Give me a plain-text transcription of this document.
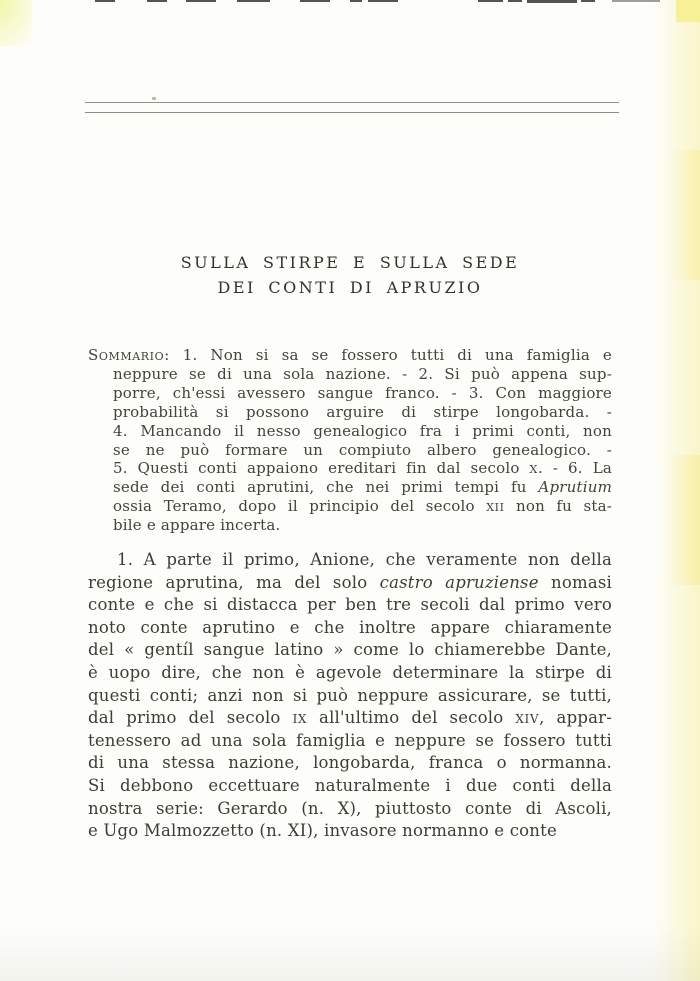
SULLA STIRPE E SULLA SEDE
DEI CONTI DI APRUZIO
Sommario: 1. Non si sa se fossero tutti di una famiglia e
neppure se di una sola nazione. - 2. Si può appena sup-
porre, ch'essi avessero sangue franco. - 3. Con maggiore
probabilità si possono arguire di stirpe longobarda. -
4. Mancando il nesso genealogico fra i primi conti, non
se ne può formare un compiuto albero genealogico. -
5. Questi conti appaiono ereditari fin dal secolo x. - 6. La
sede dei conti aprutini, che nei primi tempi fu Aprutium
ossia Teramo, dopo il principio del secolo xii non fu sta-
bile e appare incerta.
1. A parte il primo, Anione, che veramente non della
regione aprutina, ma del solo castro apruziense nomasi
conte e che si distacca per ben tre secoli dal primo vero
noto conte aprutino e che inoltre appare chiaramente
del « gentíl sangue latino » come lo chiamerebbe Dante,
è uopo dire, che non è agevole determinare la stirpe di
questi conti; anzi non si può neppure assicurare, se tutti,
dal primo del secolo ix all'ultimo del secolo xiv, appar-
tenessero ad una sola famiglia e neppure se fossero tutti
di una stessa nazione, longobarda, franca o normanna.
Si debbono eccettuare naturalmente i due conti della
nostra serie: Gerardo (n. X), piuttosto conte di Ascoli,
e Ugo Malmozzetto (n. XI), invasore normanno e conte
